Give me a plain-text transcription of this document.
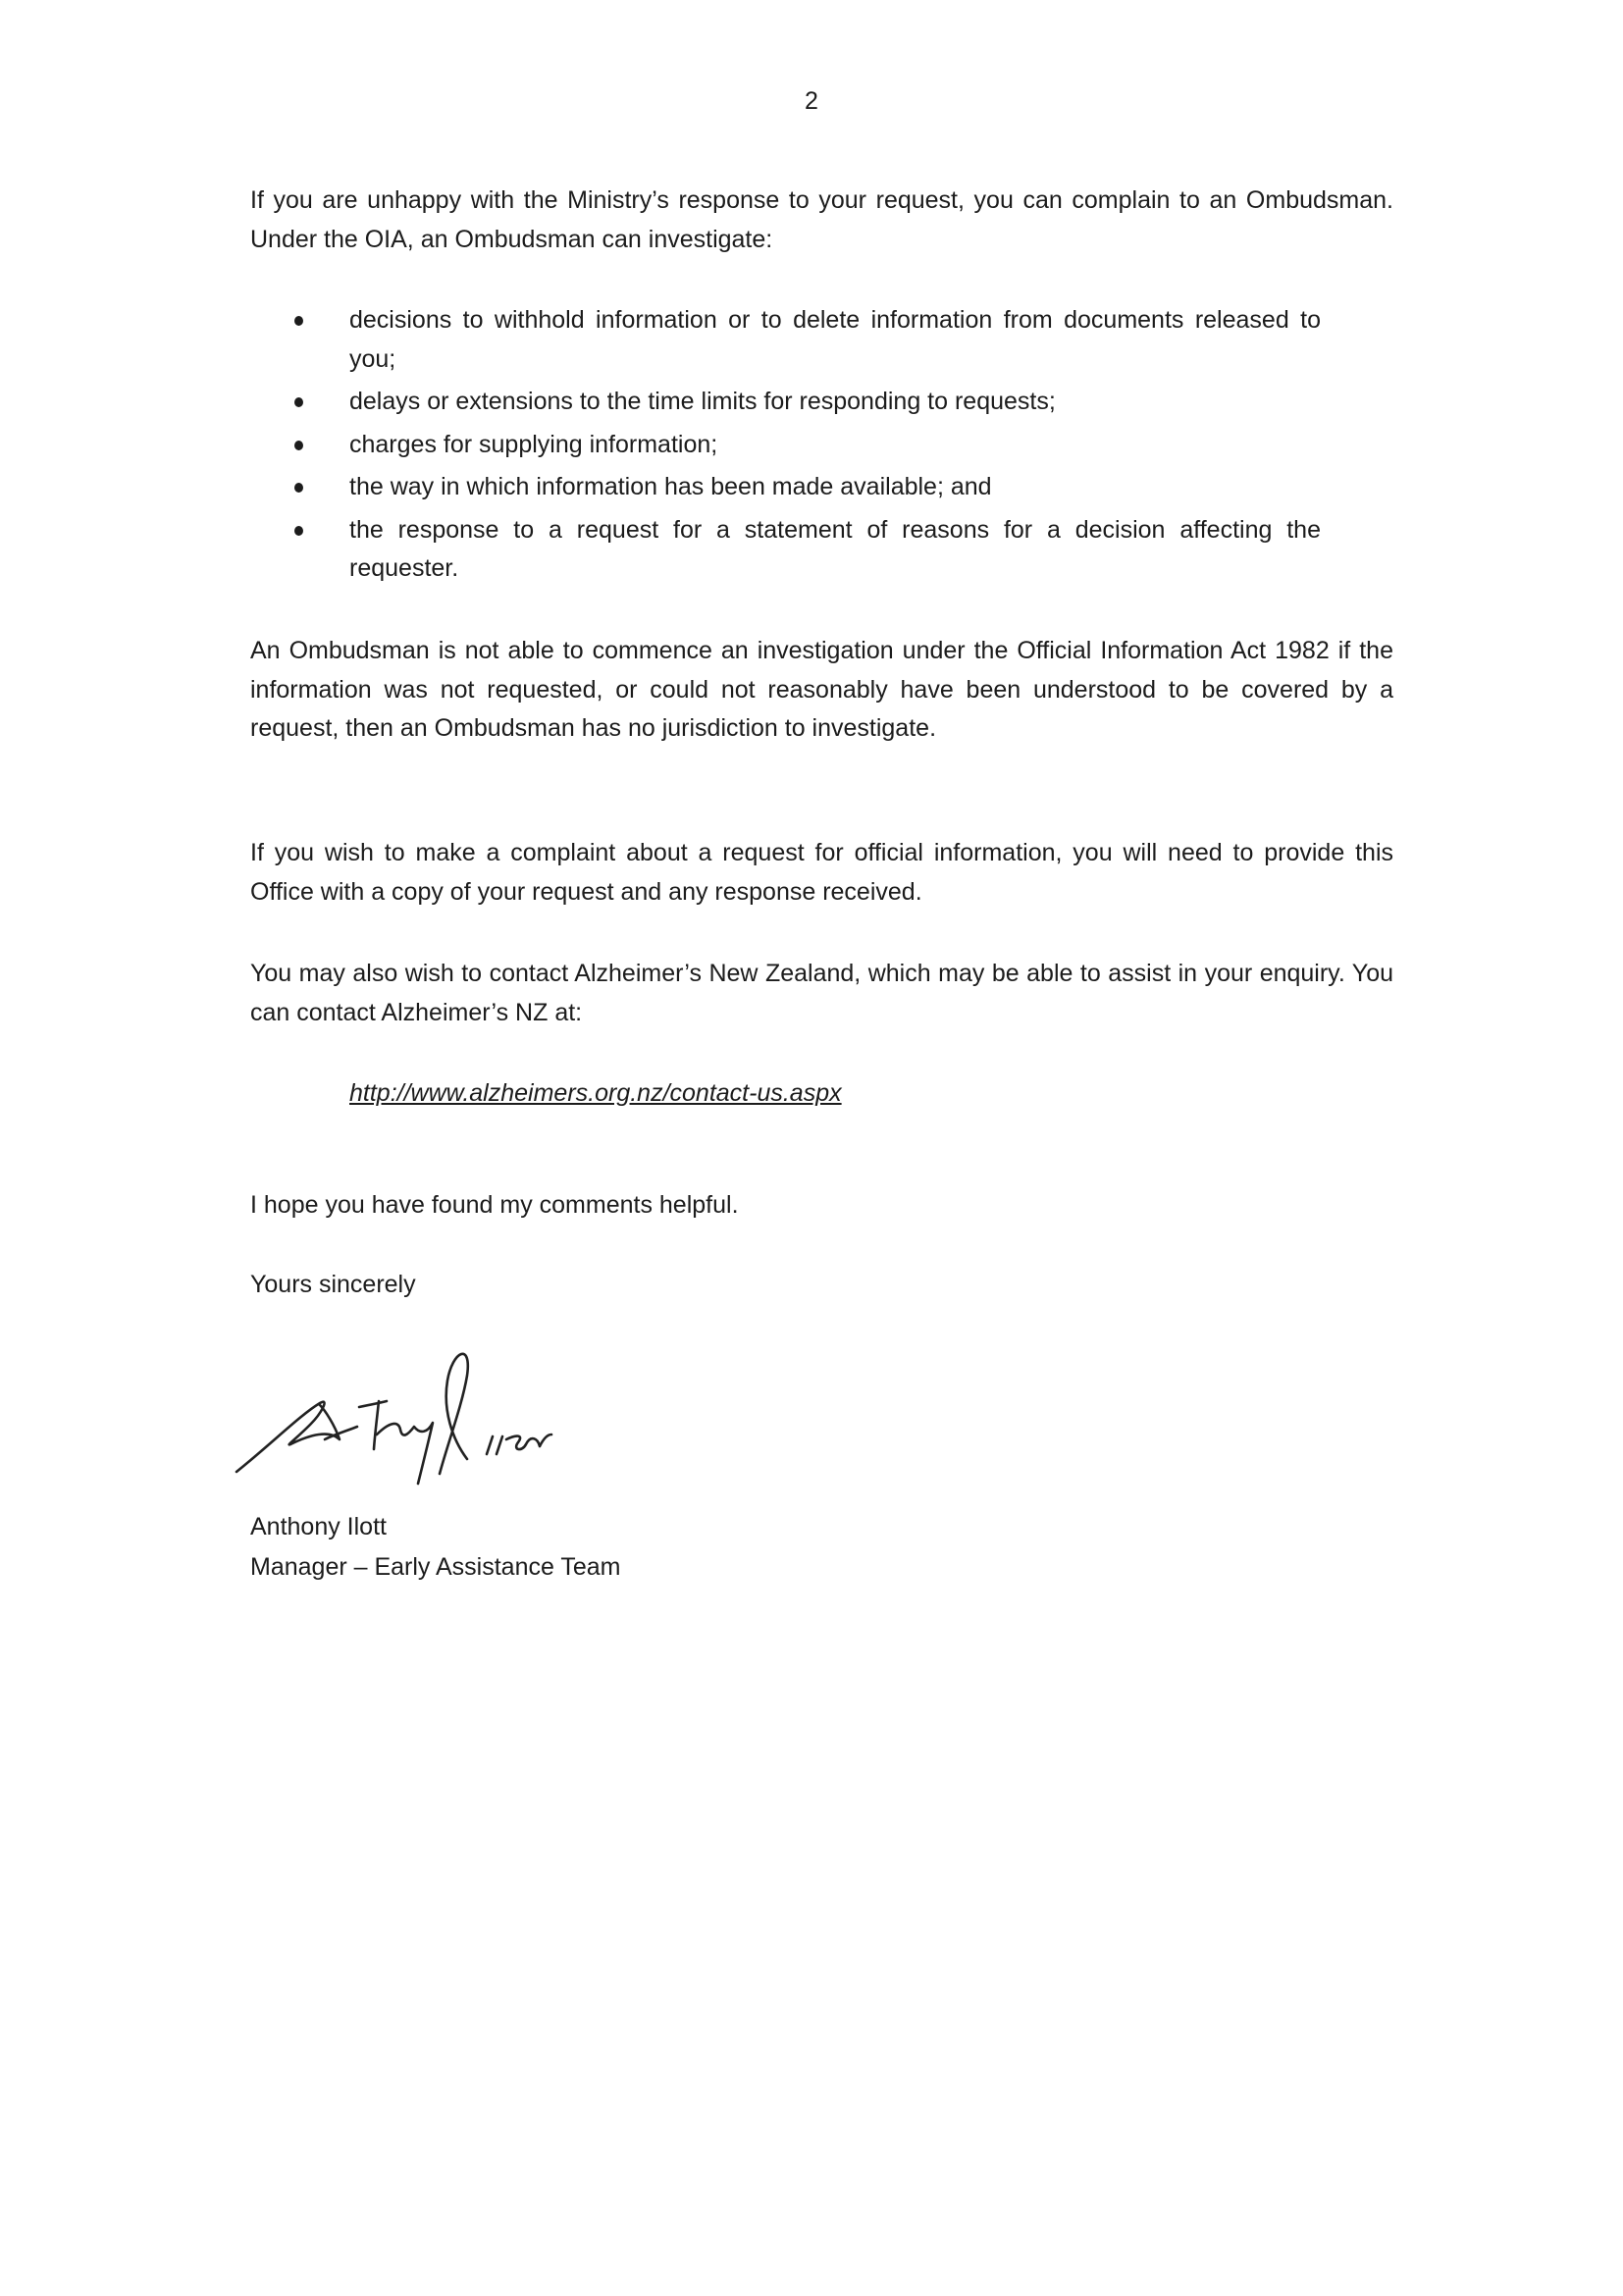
2
If you are unhappy with the Ministry’s response to your request, you can complain to an Ombudsman. Under the OIA, an Ombudsman can investigate:
decisions to withhold information or to delete information from documents released to you;
delays or extensions to the time limits for responding to requests;
charges for supplying information;
the way in which information has been made available; and
the response to a request for a statement of reasons for a decision affecting the requester.
An Ombudsman is not able to commence an investigation under the Official Information Act 1982 if the information was not requested, or could not reasonably have been understood to be covered by a request, then an Ombudsman has no jurisdiction to investigate.
If you wish to make a complaint about a request for official information, you will need to provide this Office with a copy of your request and any response received.
You may also wish to contact Alzheimer’s New Zealand, which may be able to assist in your enquiry. You can contact Alzheimer’s NZ at:
http://www.alzheimers.org.nz/contact-us.aspx
I hope you have found my comments helpful.
Yours sincerely
Anthony Ilott
Manager – Early Assistance Team
